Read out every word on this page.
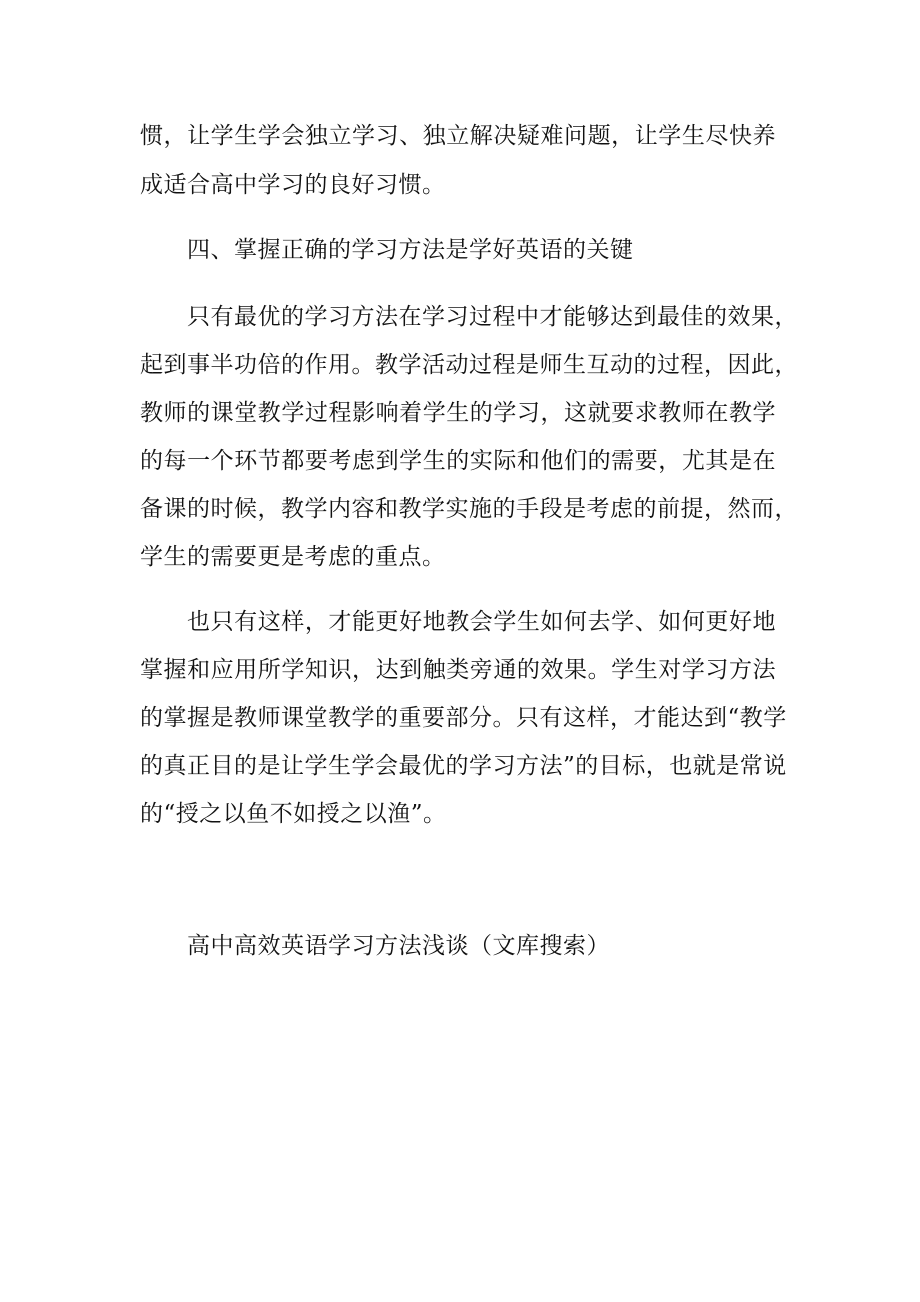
惯，让学生学会独立学习、独立解决疑难问题，让学生尽快养
成适合高中学习的良好习惯。
四、掌握正确的学习方法是学好英语的关键
只有最优的学习方法在学习过程中才能够达到最佳的效果，
起到事半功倍的作用。教学活动过程是师生互动的过程，因此，
教师的课堂教学过程影响着学生的学习，这就要求教师在教学
的每一个环节都要考虑到学生的实际和他们的需要，尤其是在
备课的时候，教学内容和教学实施的手段是考虑的前提，然而，
学生的需要更是考虑的重点。
也只有这样，才能更好地教会学生如何去学、如何更好地
掌握和应用所学知识，达到触类旁通的效果。学生对学习方法
的掌握是教师课堂教学的重要部分。只有这样，才能达到“教学
的真正目的是让学生学会最优的学习方法”的目标，也就是常说
的“授之以鱼不如授之以渔”。
高中高效英语学习方法浅谈（文库搜索）
